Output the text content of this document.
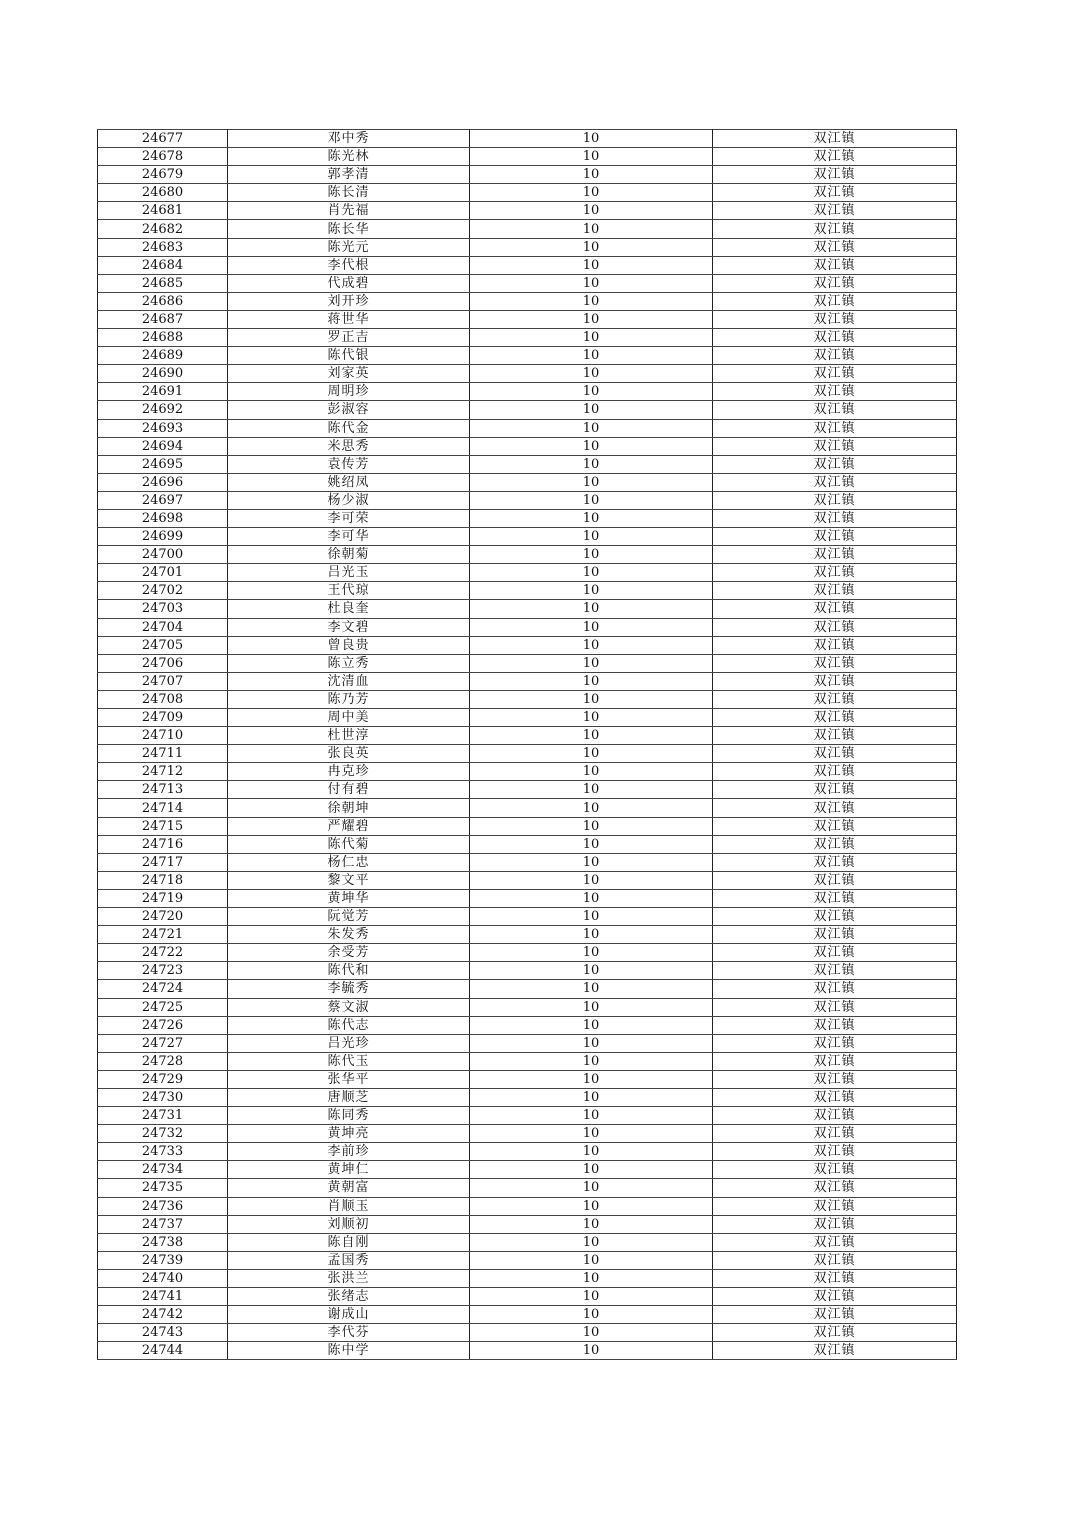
24677	邓中秀	10	双江镇
24678	陈光林	10	双江镇
24679	郭孝清	10	双江镇
24680	陈长清	10	双江镇
24681	肖先福	10	双江镇
24682	陈长华	10	双江镇
24683	陈光元	10	双江镇
24684	李代根	10	双江镇
24685	代成碧	10	双江镇
24686	刘开珍	10	双江镇
24687	蒋世华	10	双江镇
24688	罗正吉	10	双江镇
24689	陈代银	10	双江镇
24690	刘家英	10	双江镇
24691	周明珍	10	双江镇
24692	彭淑容	10	双江镇
24693	陈代金	10	双江镇
24694	米思秀	10	双江镇
24695	袁传芳	10	双江镇
24696	姚绍凤	10	双江镇
24697	杨少淑	10	双江镇
24698	李可荣	10	双江镇
24699	李可华	10	双江镇
24700	徐朝菊	10	双江镇
24701	吕光玉	10	双江镇
24702	王代琼	10	双江镇
24703	杜良奎	10	双江镇
24704	李文碧	10	双江镇
24705	曾良贵	10	双江镇
24706	陈立秀	10	双江镇
24707	沈清血	10	双江镇
24708	陈乃芳	10	双江镇
24709	周中美	10	双江镇
24710	杜世淳	10	双江镇
24711	张良英	10	双江镇
24712	冉克珍	10	双江镇
24713	付有碧	10	双江镇
24714	徐朝坤	10	双江镇
24715	严耀碧	10	双江镇
24716	陈代菊	10	双江镇
24717	杨仁忠	10	双江镇
24718	黎文平	10	双江镇
24719	黄坤华	10	双江镇
24720	阮觉芳	10	双江镇
24721	朱发秀	10	双江镇
24722	余受芳	10	双江镇
24723	陈代和	10	双江镇
24724	李毓秀	10	双江镇
24725	蔡文淑	10	双江镇
24726	陈代志	10	双江镇
24727	吕光珍	10	双江镇
24728	陈代玉	10	双江镇
24729	张华平	10	双江镇
24730	唐顺芝	10	双江镇
24731	陈同秀	10	双江镇
24732	黄坤亮	10	双江镇
24733	李前珍	10	双江镇
24734	黄坤仁	10	双江镇
24735	黄朝富	10	双江镇
24736	肖顺玉	10	双江镇
24737	刘顺初	10	双江镇
24738	陈自刚	10	双江镇
24739	孟国秀	10	双江镇
24740	张洪兰	10	双江镇
24741	张绪志	10	双江镇
24742	谢成山	10	双江镇
24743	李代芬	10	双江镇
24744	陈中学	10	双江镇
